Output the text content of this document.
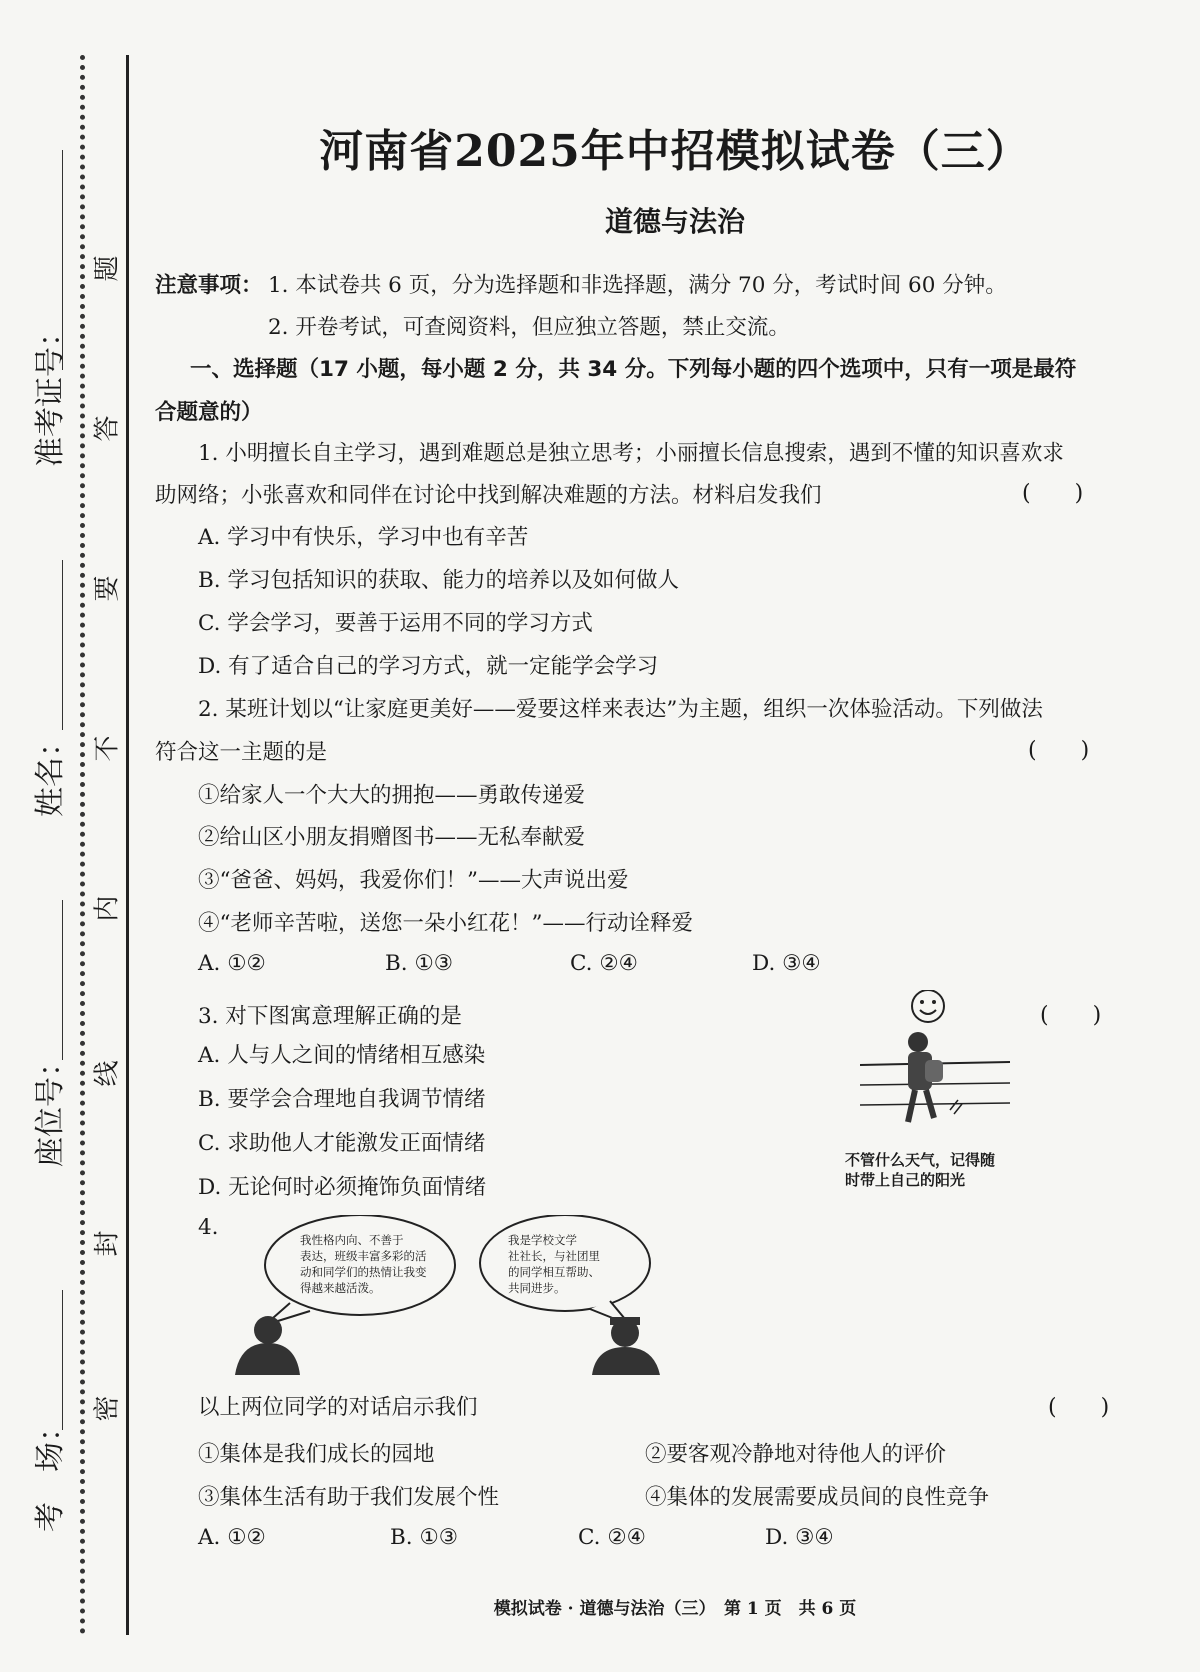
准考证号：
姓名：
座位号：
考　场：
题
答
要
不
内
线
封
密
河南省2025年中招模拟试卷（三）
道德与法治
注意事项： 1. 本试卷共 6 页，分为选择题和非选择题，满分 70 分，考试时间 60 分钟。
2. 开卷考试，可查阅资料，但应独立答题，禁止交流。
一、选择题（17 小题，每小题 2 分，共 34 分。下列每小题的四个选项中，只有一项是最符
合题意的）
1. 小明擅长自主学习，遇到难题总是独立思考；小丽擅长信息搜索，遇到不懂的知识喜欢求
助网络；小张喜欢和同伴在讨论中找到解决难题的方法。材料启发我们	(　　)
A. 学习中有快乐，学习中也有辛苦
B. 学习包括知识的获取、能力的培养以及如何做人
C. 学会学习，要善于运用不同的学习方式
D. 有了适合自己的学习方式，就一定能学会学习
2. 某班计划以“让家庭更美好——爱要这样来表达”为主题，组织一次体验活动。下列做法
符合这一主题的是	(　　)
①给家人一个大大的拥抱——勇敢传递爱
②给山区小朋友捐赠图书——无私奉献爱
③“爸爸、妈妈，我爱你们！”——大声说出爱
④“老师辛苦啦，送您一朵小红花！”——行动诠释爱
A. ①②	B. ①③	C. ②④	D. ③④
3. 对下图寓意理解正确的是	(　　)
A. 人与人之间的情绪相互感染
B. 要学会合理地自我调节情绪
C. 求助他人才能激发正面情绪
D. 无论何时必须掩饰负面情绪
不管什么天气，记得随
时带上自己的阳光
4.	我性格内向、不善于
表达，班级丰富多彩的活
动和同学们的热情让我变
得越来越活泼。
我是学校文学
社社长，与社团里
的同学相互帮助、
共同进步。
以上两位同学的对话启示我们	(　　)
①集体是我们成长的园地	②要客观冷静地对待他人的评价
③集体生活有助于我们发展个性	④集体的发展需要成员间的良性竞争
A. ①②	B. ①③	C. ②④	D. ③④
模拟试卷 · 道德与法治（三）　第 1 页　共 6 页
